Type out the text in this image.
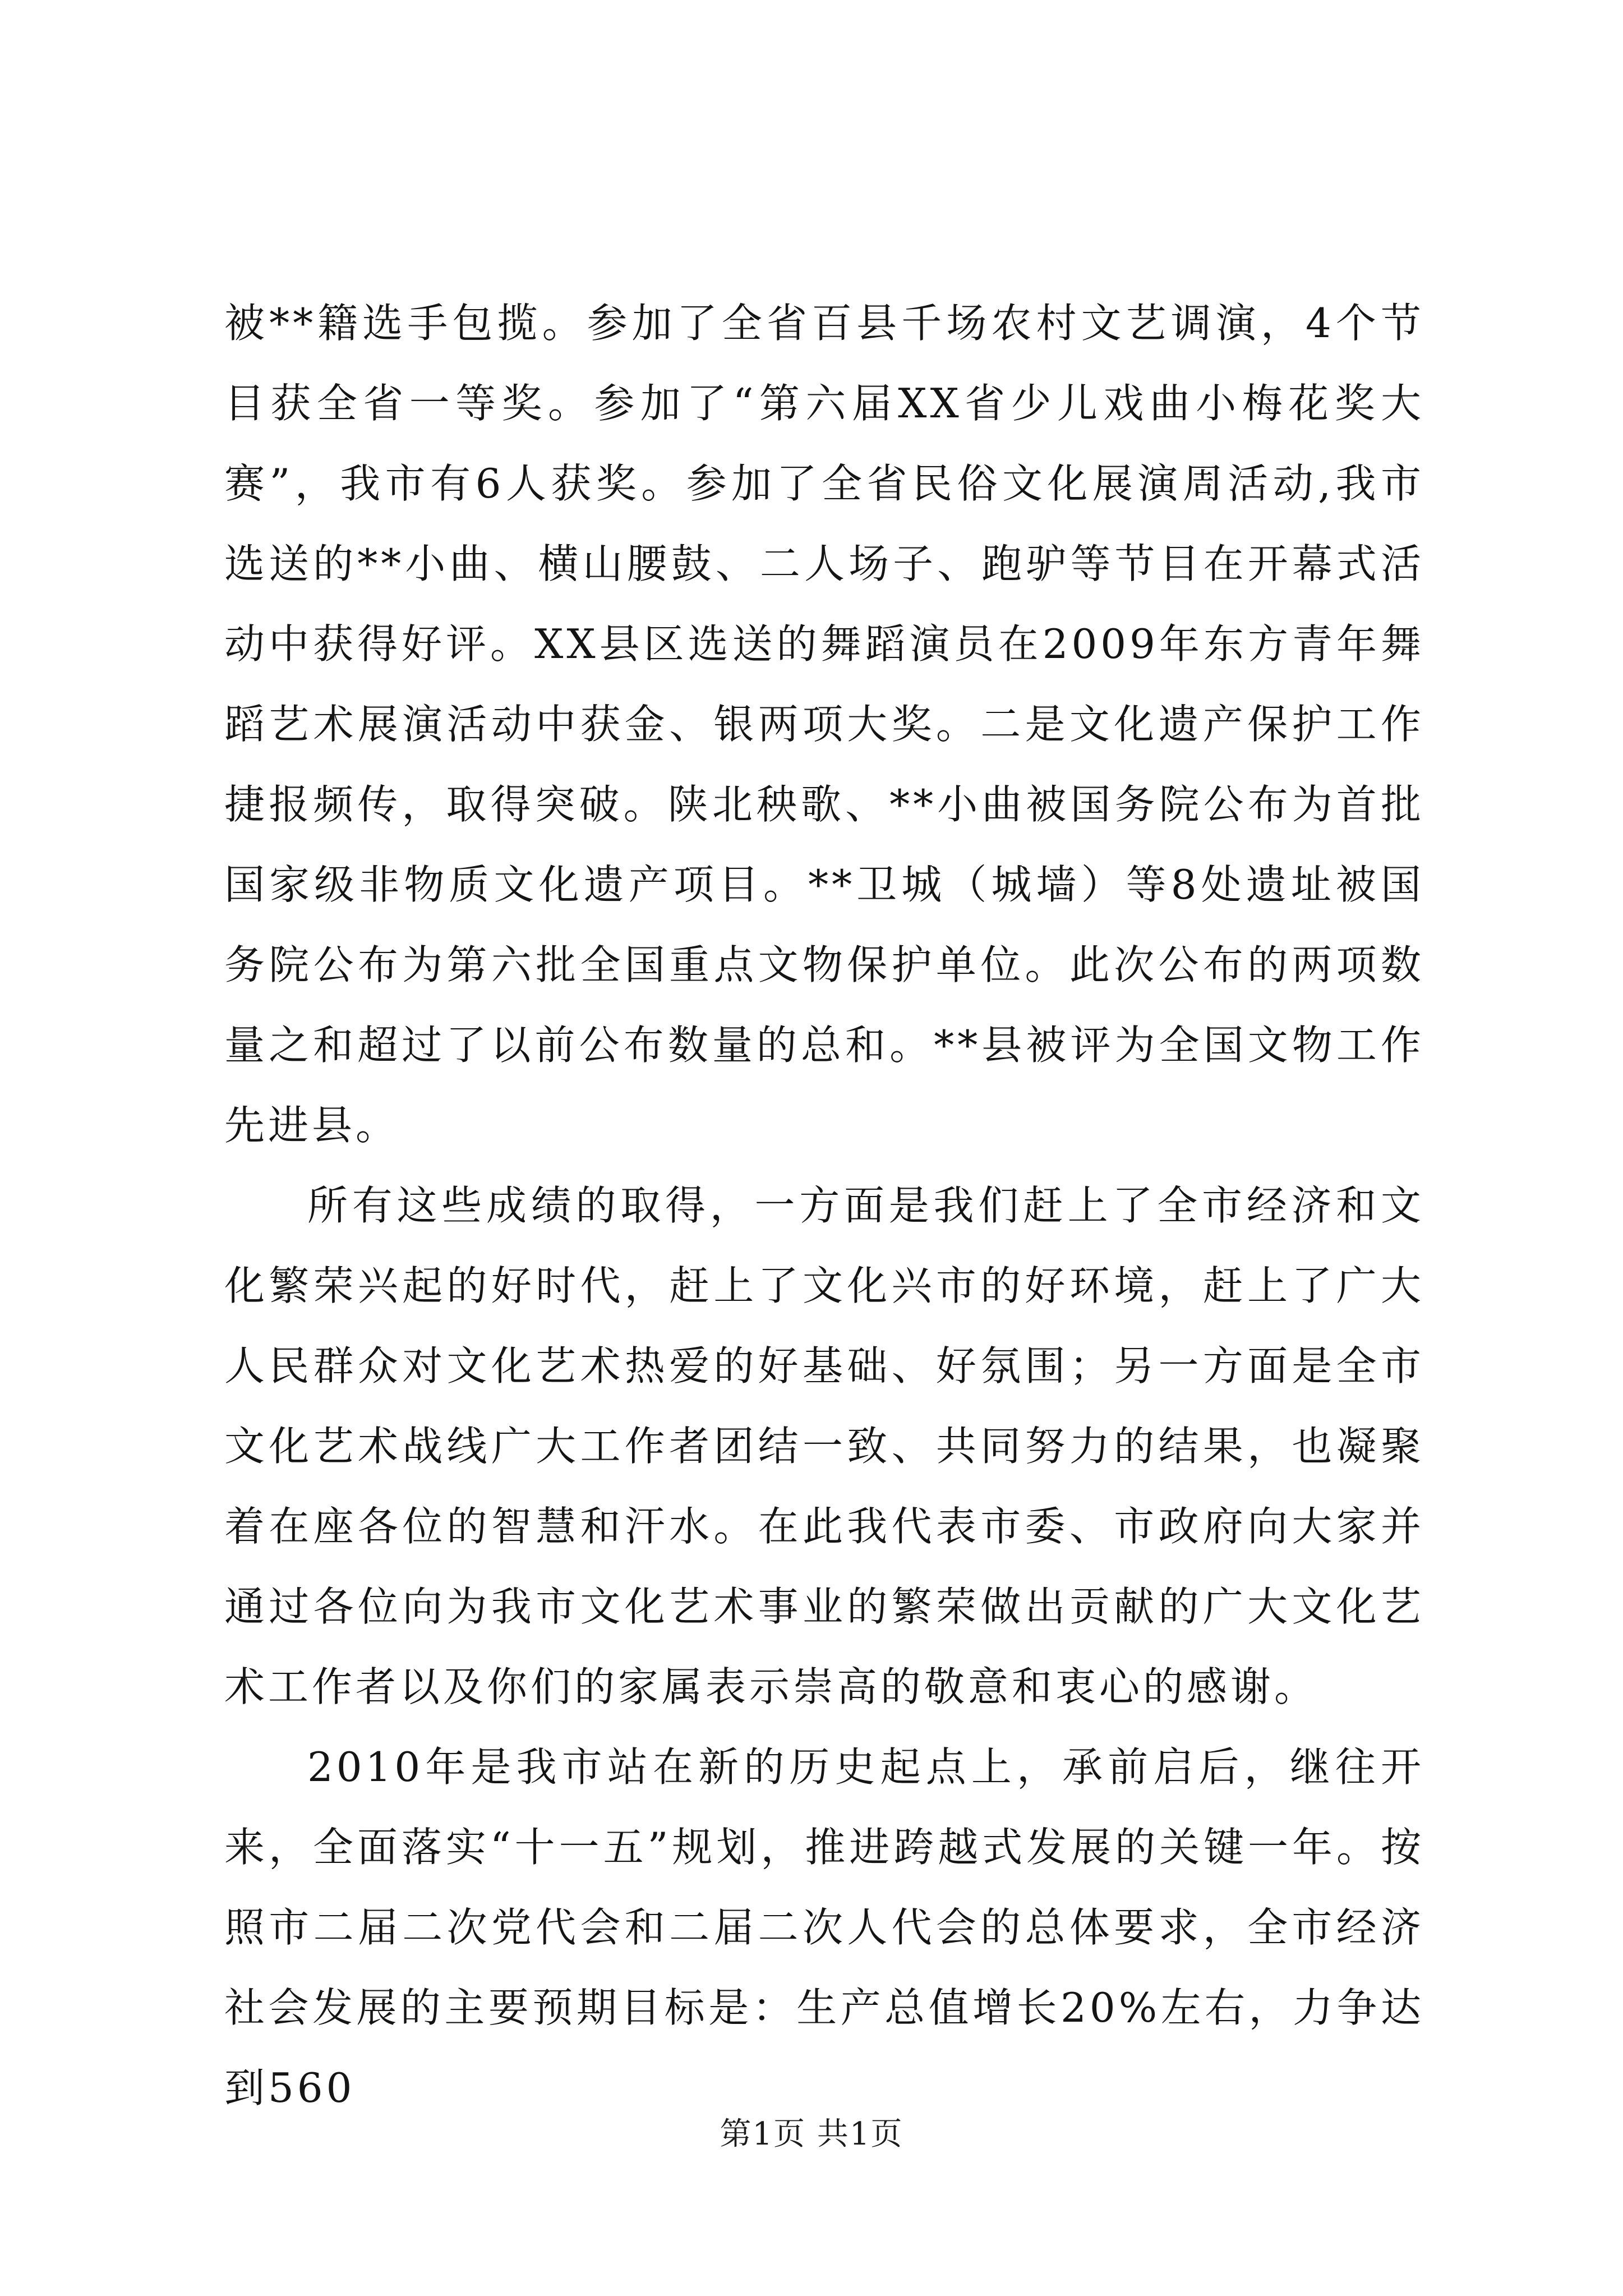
被**籍选手包揽。参加了全省百县千场农村文艺调演，4个节目获全省一等奖。参加了“第六届XX省少儿戏曲小梅花奖大赛”，我市有6人获奖。参加了全省民俗文化展演周活动,我市选送的**小曲、横山腰鼓、二人场子、跑驴等节目在开幕式活动中获得好评。XX县区选送的舞蹈演员在2009年东方青年舞蹈艺术展演活动中获金、银两项大奖。二是文化遗产保护工作捷报频传，取得突破。陕北秧歌、**小曲被国务院公布为首批国家级非物质文化遗产项目。**卫城（城墙）等8处遗址被国务院公布为第六批全国重点文物保护单位。此次公布的两项数量之和超过了以前公布数量的总和。**县被评为全国文物工作先进县。

所有这些成绩的取得，一方面是我们赶上了全市经济和文化繁荣兴起的好时代，赶上了文化兴市的好环境，赶上了广大人民群众对文化艺术热爱的好基础、好氛围；另一方面是全市文化艺术战线广大工作者团结一致、共同努力的结果，也凝聚着在座各位的智慧和汗水。在此我代表市委、市政府向大家并通过各位向为我市文化艺术事业的繁荣做出贡献的广大文化艺术工作者以及你们的家属表示崇高的敬意和衷心的感谢。

2010年是我市站在新的历史起点上，承前启后，继往开来，全面落实“十一五”规划，推进跨越式发展的关键一年。按照市二届二次党代会和二届二次人代会的总体要求，全市经济社会发展的主要预期目标是：生产总值增长20%左右，力争达到560

第1页 共1页
